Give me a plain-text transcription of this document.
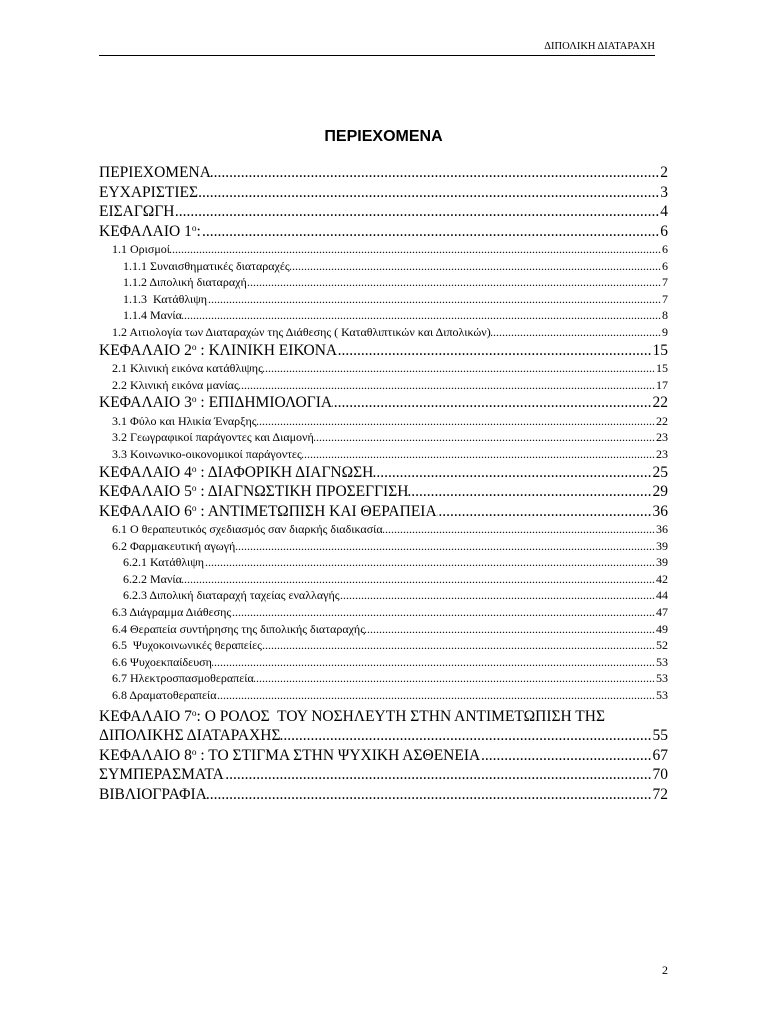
ΔΙΠΟΛΙΚΗ ΔΙΑΤΑΡΑΧΗ
ΠΕΡΙΕΧΟΜΕΝΑ
ΠΕΡΙΕΧΟΜΕΝΑ .....	2
ΕΥΧΑΡΙΣΤΙΕΣ .....	3
ΕΙΣΑΓΩΓΗ .....	4
ΚΕΦΑΛΑΙΟ $1^o$: .....	6
1.1 Ορισμοί .....	6
1.1.1 Συναισθηματικές διαταραχές .....	6
1.1.2 Διπολική διαταραχή .....	7
1.1.3  Κατάθλιψη .....	7
1.1.4 Μανία .....	8
1.2 Αιτιολογία των Διαταραχών της Διάθεσης ( Καταθλιπτικών και Διπολικών) .....	9
ΚΕΦΑΛΑΙΟ $2^o$ : ΚΛΙΝΙΚΗ ΕΙΚΟΝΑ .....	15
2.1 Κλινική εικόνα κατάθλιψης .....	15
2.2 Κλινική εικόνα μανίας .....	17
ΚΕΦΑΛΑΙΟ $3^o$ : ΕΠΙΔΗΜΙΟΛΟΓΙΑ .....	22
3.1 Φύλο και Ηλικία Έναρξης .....	22
3.2 Γεωγραφικοί παράγοντες και Διαμονή .....	23
3.3 Κοινωνικο-οικονομικοί παράγοντες .....	23
ΚΕΦΑΛΑΙΟ $4^o$ : ΔΙΑΦΟΡΙΚΗ ΔΙΑΓΝΩΣΗ .....	25
ΚΕΦΑΛΑΙΟ $5^o$ : ΔΙΑΓΝΩΣΤΙΚΗ ΠΡΟΣΕΓΓΙΣΗ .....	29
ΚΕΦΑΛΑΙΟ $6^o$ : ΑΝΤΙΜΕΤΩΠΙΣΗ ΚΑΙ ΘΕΡΑΠΕΙΑ .....	36
6.1 Ο θεραπευτικός σχεδιασμός σαν διαρκής διαδικασία .....	36
6.2 Φαρμακευτική αγωγή .....	39
6.2.1 Κατάθλιψη .....	39
6.2.2 Μανία .....	42
6.2.3 Διπολική διαταραχή ταχείας εναλλαγής .....	44
6.3 Διάγραμμα Διάθεσης .....	47
6.4 Θεραπεία συντήρησης της διπολικής διαταραχής .....	49
6.5  Ψυχοκοινωνικές θεραπείες .....	52
6.6 Ψυχοεκπαίδευση .....	53
6.7 Ηλεκτροσπασμοθεραπεία .....	53
6.8 Δραματοθεραπεία .....	53
ΚΕΦΑΛΑΙΟ $7^o$: Ο ΡΟΛΟΣ  ΤΟΥ ΝΟΣΗΛΕΥΤΗ ΣΤΗΝ ΑΝΤΙΜΕΤΩΠΙΣΗ ΤΗΣ
ΔΙΠΟΛΙΚΗΣ ΔΙΑΤΑΡΑΧΗΣ .....	55
ΚΕΦΑΛΑΙΟ $8^o$ : ΤΟ ΣΤΙΓΜΑ ΣΤΗΝ ΨΥΧΙΚΗ ΑΣΘΕΝΕΙΑ .....	67
ΣΥΜΠΕΡΑΣΜΑΤΑ .....	70
ΒΙΒΛΙΟΓΡΑΦΙΑ .....	72
2
